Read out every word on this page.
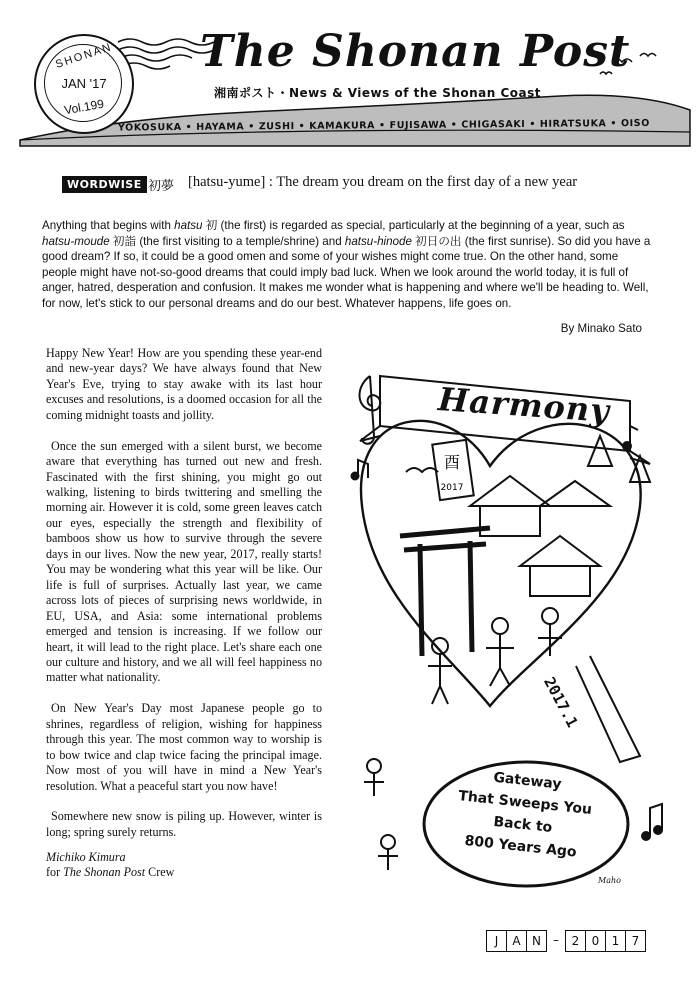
SHONAN
JAN '17
Vol.199
The Shonan Post
湘南ポスト・News & Views of the Shonan Coast
YOKOSUKA • HAYAMA • ZUSHI • KAMAKURA • FUJISAWA • CHIGASAKI • HIRATSUKA • OISO
WORDWISE 初夢 [hatsu-yume] : The dream you dream on the first day of a new year

Anything that begins with hatsu 初 (the first) is regarded as special, particularly at the beginning of a year, such as hatsu-moude 初詣 (the first visiting to a temple/shrine) and hatsu-hinode 初日の出 (the first sunrise). So did you have a good dream? If so, it could be a good omen and some of your wishes might come true. On the other hand, some people might have not-so-good dreams that could imply bad luck. When we look around the world today, it is full of anger, hatred, desperation and confusion. It makes me wonder what is happening and where we'll be heading to. Well, for now, let's stick to our personal dreams and do our best. Whatever happens, life goes on.

By Minako Sato

Happy New Year! How are you spending these year-end and new-year days? We have always found that New Year's Eve, trying to stay awake with its last hour excuses and resolutions, is a doomed occasion for all the coming midnight toasts and jollity.

Once the sun emerged with a silent burst, we become aware that everything has turned out new and fresh. Fascinated with the first shining, you might go out walking, listening to birds twittering and smelling the morning air. However it is cold, some green leaves catch our eyes, especially the strength and flexibility of bamboos show us how to survive through the severe days in our lives. Now the new year, 2017, really starts! You may be wondering what this year will be like. Our life is full of surprises. Actually last year, we came across lots of pieces of surprising news worldwide, in EU, USA, and Asia: some international problems emerged and tension is increasing. If we follow our heart, it will lead to the right place. Let's share each one our culture and history, and we all will feel happiness no matter what nationality.

On New Year's Day most Japanese people go to shrines, regardless of religion, wishing for happiness through this year. The most common way to worship is to bow twice and clap twice facing the principal image. Now most of you will have in mind a New Year's resolution. What a peaceful start you now have!

Somewhere new snow is piling up. However, winter is long; spring surely returns.

Michiko Kimura
for The Shonan Post Crew
酉
2017
Harmony
2017.1
Gateway
That Sweeps You
Back to
800 Years Ago
Maho
J	A N	–	2	0	1	7
